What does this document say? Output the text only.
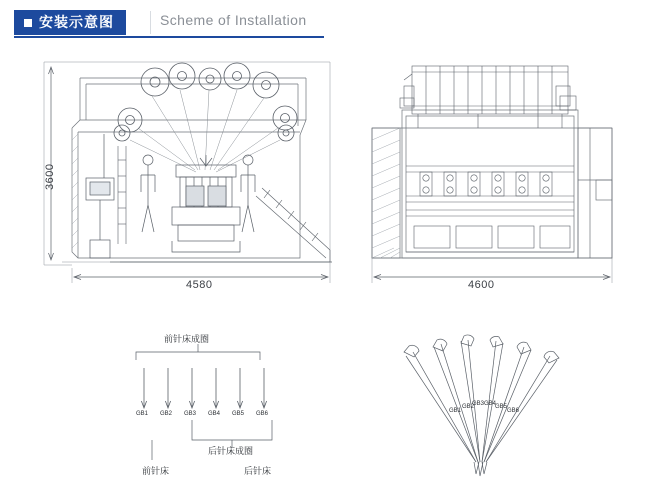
安装示意图	Scheme of Installation
3600
4580	4600
前针床成圈
后针床成圈
前针床	后针床
GB1 GB2 GB3 GB4 GB5 GB6	GB1
GB2
GB3 GB4
GB5
GB6
